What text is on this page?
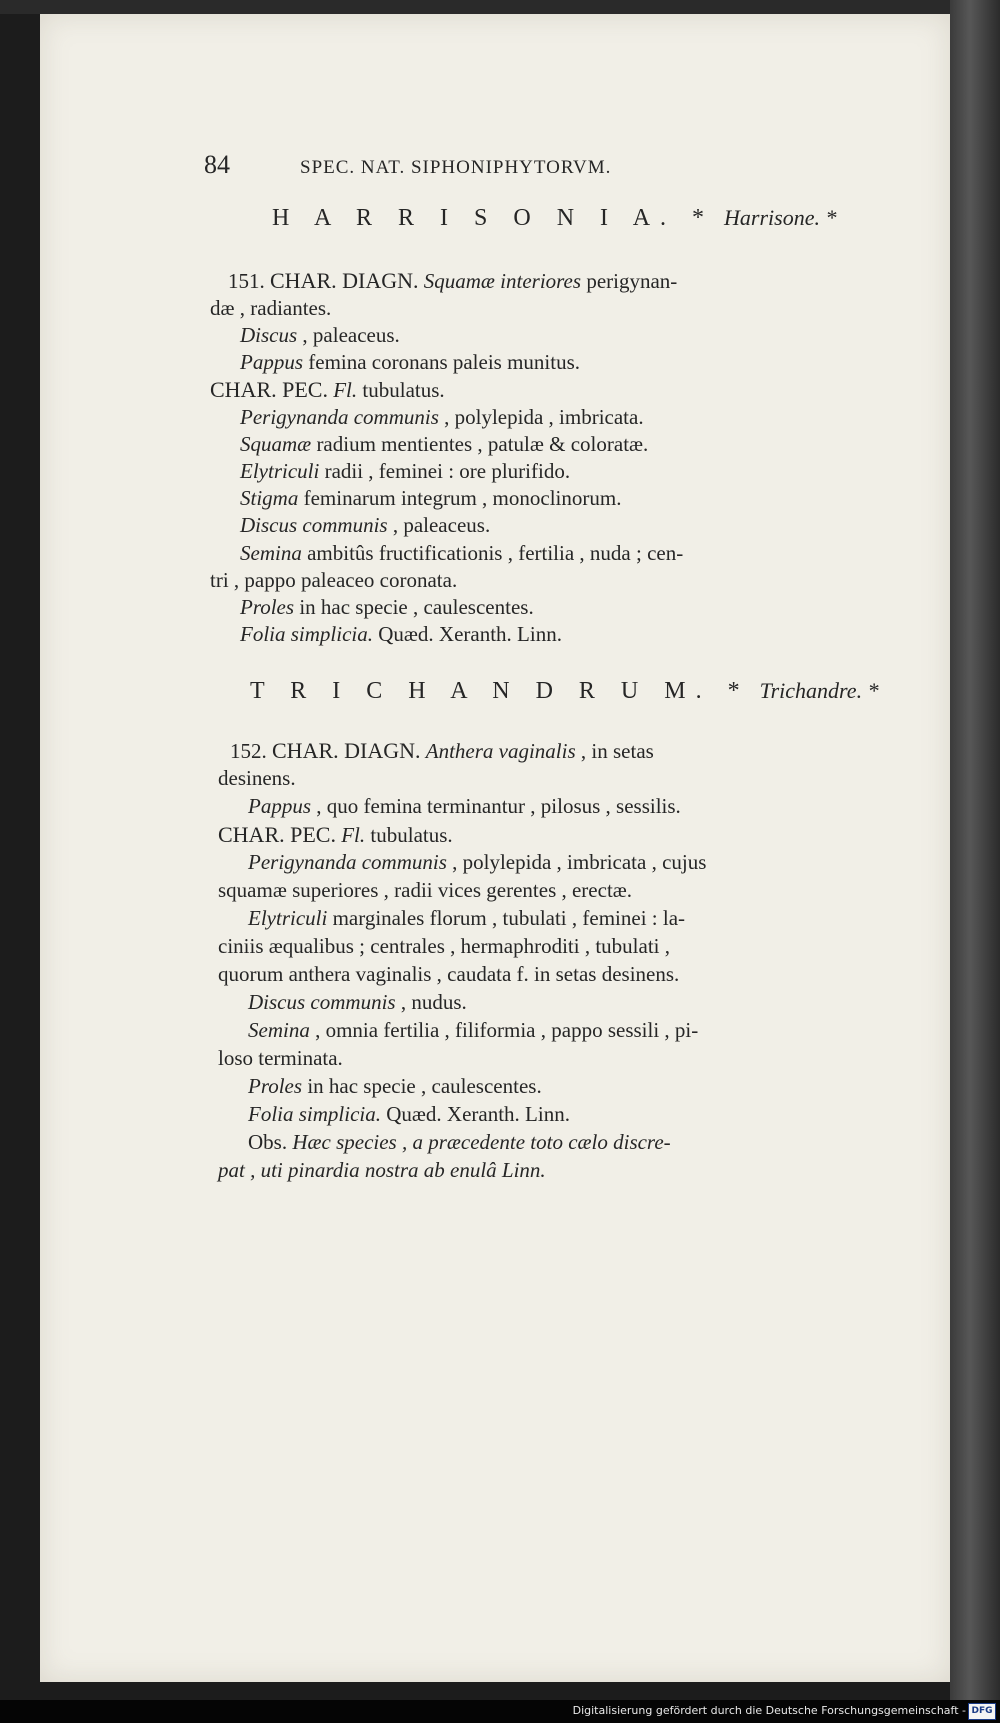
84	SPEC. NAT. SIPHONIPHYTORVM.
H A R R I S O N I A. * Harrisone. *
151. CHAR. DIAGN. Squamæ interiores perigynan-
dæ , radiantes.
Discus , paleaceus.
Pappus femina coronans paleis munitus.
CHAR. PEC. Fl. tubulatus.
Perigynanda communis , polylepida , imbricata.
Squamæ radium mentientes , patulæ & coloratæ.
Elytriculi radii , feminei : ore plurifido.
Stigma feminarum integrum , monoclinorum.
Discus communis , paleaceus.
Semina ambitûs fructificationis , fertilia , nuda ; cen-
tri , pappo paleaceo coronata.
Proles in hac specie , caulescentes.
Folia simplicia. Quæd. Xeranth. Linn.
T R I C H A N D R U M. * Trichandre. *
152. CHAR. DIAGN. Anthera vaginalis , in setas
desinens.
Pappus , quo femina terminantur , pilosus , sessilis.
CHAR. PEC. Fl. tubulatus.
Perigynanda communis , polylepida , imbricata , cujus
squamæ superiores , radii vices gerentes , erectæ.
Elytriculi marginales florum , tubulati , feminei : la-
ciniis æqualibus ; centrales , hermaphroditi , tubulati ,
quorum anthera vaginalis , caudata f. in setas desinens.
Discus communis , nudus.
Semina , omnia fertilia , filiformia , pappo sessili , pi-
loso terminata.
Proles in hac specie , caulescentes.
Folia simplicia. Quæd. Xeranth. Linn.
Obs. Hæc species , a præcedente toto cælo discre-
pat , uti pinardia nostra ab enulâ Linn.
Digitalisierung gefördert durch die Deutsche Forschungsgemeinschaft - DFG
